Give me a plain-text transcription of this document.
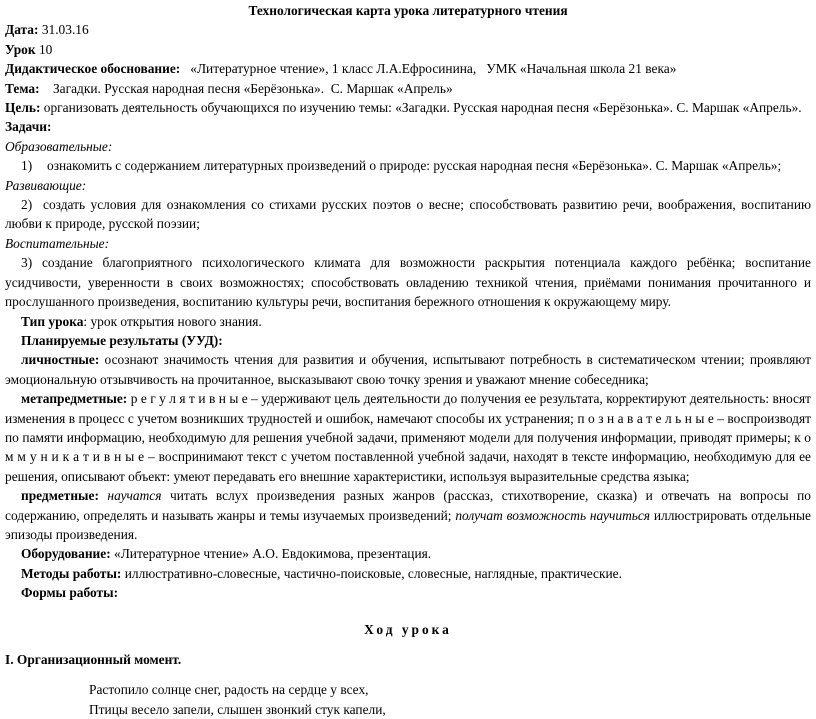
Технологическая карта урока литературного чтения

Дата: 31.03.16

Урок 10

Дидактическое обоснование:   «Литературное чтение», 1 класс Л.А.Ефросинина,   УМК «Начальная школа 21 века»

Тема:    Загадки. Русская народная песня «Берёзонька».  С. Маршак «Апрель»

Цель: организовать деятельность обучающихся по изучению темы: «Загадки. Русская народная песня «Берёзонька». С. Маршак «Апрель».

Задачи:

Образовательные:

1) ознакомить с содержанием литературных произведений о природе: русская народная песня «Берёзонька». С. Маршак «Апрель»;

Развивающие:

2) создать условия для ознакомления со стихами русских поэтов о весне; способствовать развитию речи, воображения, воспитанию любви к природе, русской поэзии;

Воспитательные:

3) создание благоприятного психологического климата для возможности раскрытия потенциала каждого ребёнка; воспитание усидчивости, уверенности в своих возможностях; способствовать овладению техникой чтения, приёмами понимания прочитанного и прослушанного произведения, воспитанию культуры речи, воспитания бережного отношения к окружающему миру.

Тип урока: урок открытия нового знания.

Планируемые результаты (УУД):

личностные: осознают значимость чтения для развития и обучения, испытывают потребность в систематическом чтении; проявляют эмоциональную отзывчивость на прочитанное, высказывают свою точку зрения и уважают мнение собеседника;

метапредметные: р е г у л я т и в н ы е – удерживают цель деятельности до получения ее результата, корректируют деятельность: вносят изменения в процесс с учетом возникших трудностей и ошибок, намечают способы их устранения; п о з н а в а т е л ь н ы е – воспроизводят по памяти информацию, необходимую для решения учебной задачи, применяют модели для получения информации, приводят примеры; к о м м у н и к а т и в н ы е – воспринимают текст с учетом поставленной учебной задачи, находят в тексте информацию, необходимую для ее решения, описывают объект: умеют передавать его внешние характеристики, используя выразительные средства языка;

предметные: научатся читать вслух произведения разных жанров (рассказ, стихотворение, сказка) и отвечать на вопросы по содержанию, определять и называть жанры и темы изучаемых произведений; получат возможность научиться иллюстрировать отдельные эпизоды произведения.

Оборудование: «Литературное чтение» А.О. Евдокимова, презентация.

Методы работы: иллюстративно-словесные, частично-поисковые, словесные, наглядные, практические.

Формы работы:

Ход урока

I. Организационный момент.

Растопило солнце снег, радость на сердце у всех,

Птицы весело запели, слышен звонкий стук капели,
